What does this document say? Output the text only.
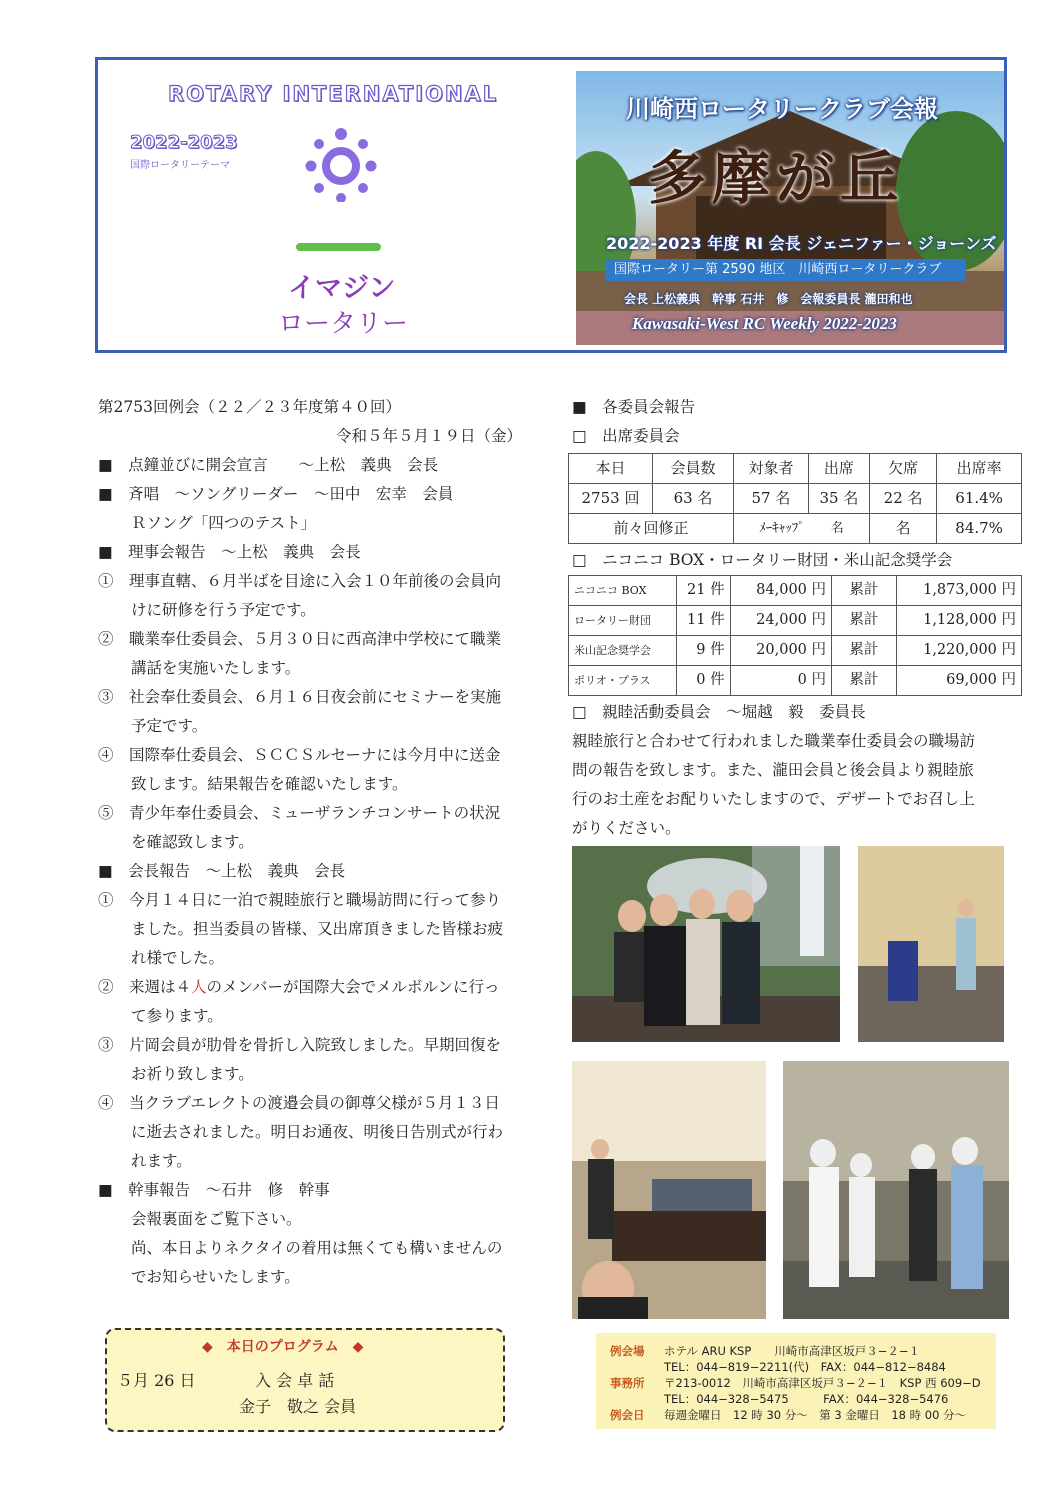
ROTARY INTERNATIONAL
2022-2023
国際ロータリーテーマ
イマジン
ロータリー
川崎西ロータリークラブ会報
多摩が丘
2022-2023 年度 RI 会長 ジェニファー・ジョーンズ
国際ロータリー第 2590 地区　川崎西ロータリークラブ
会長 上松義典　幹事 石井　修　会報委員長 瀧田和也
Kawasaki-West RC Weekly 2022-2023
第2753回例会（２２／２３年度第４０回）
令和５年５月１９日（金）
■　点鐘並びに開会宣言　　～上松　義典　会長
■　斉唱　～ソングリーダー　～田中　宏幸　会員
Ｒソング「四つのテスト」
■　理事会報告　～上松　義典　会長
①　理事直轄、６月半ばを目途に入会１０年前後の会員向
けに研修を行う予定です。
②　職業奉仕委員会、５月３０日に西高津中学校にて職業
講話を実施いたします。
③　社会奉仕委員会、６月１６日夜会前にセミナーを実施
予定です。
④　国際奉仕委員会、ＳＣＣＳルセーナには今月中に送金
致します。結果報告を確認いたします。
⑤　青少年奉仕委員会、ミューザランチコンサートの状況
を確認致します。
■　会長報告　～上松　義典　会長
①　今月１４日に一泊で親睦旅行と職場訪問に行って参り
ました。担当委員の皆様、又出席頂きました皆様お疲
れ様でした。
②　来週は４人のメンバーが国際大会でメルボルンに行っ
て参ります。
③　片岡会員が肋骨を骨折し入院致しました。早期回復を
お祈り致します。
④　当クラブエレクトの渡邉会員の御尊父様が５月１３日
に逝去されました。明日お通夜、明後日告別式が行わ
れます。
■　幹事報告　～石井　修　幹事
会報裏面をご覧下さい。
尚、本日よりネクタイの着用は無くても構いませんの
でお知らせいたします。
■　各委員会報告
□　出席委員会
本日	会員数	対象者	出席	欠席	出席率
2753 回	63 名	57 名	35 名	22 名	61.4%
前々回修正		ﾒｰｷｬｯﾌﾟ　　名		名	84.7%
□　ニコニコ BOX・ロータリー財団・米山記念奨学会
ニコニコ BOX	21 件	84,000 円	累計	1,873,000 円
ロータリー財団	11 件	24,000 円	累計	1,128,000 円
米山記念奨学会	9 件	20,000 円	累計	1,220,000 円
ポリオ・プラス	0 件	0 円	累計	69,000 円
□　親睦活動委員会　～堀越　毅　委員長
親睦旅行と合わせて行われました職業奉仕委員会の職場訪
問の報告を致します。また、瀧田会員と後会員より親睦旅
行のお土産をお配りいたしますので、デザートでお召し上
がりください。
◆　本日のプログラム　◆
５月 26 日	入 会 卓 話
金子　敬之 会員
例会場 ホテル ARU KSP　　川崎市高津区坂戸３−２−１
TEL：044−819−2211(代)　FAX：044−812−8484
事務所 〒213-0012　川崎市高津区坂戸３−２−１　KSP 西 609−D
TEL：044−328−5475　　　FAX：044−328−5476
例会日 毎週金曜日　12 時 30 分～　第 3 金曜日　18 時 00 分～
